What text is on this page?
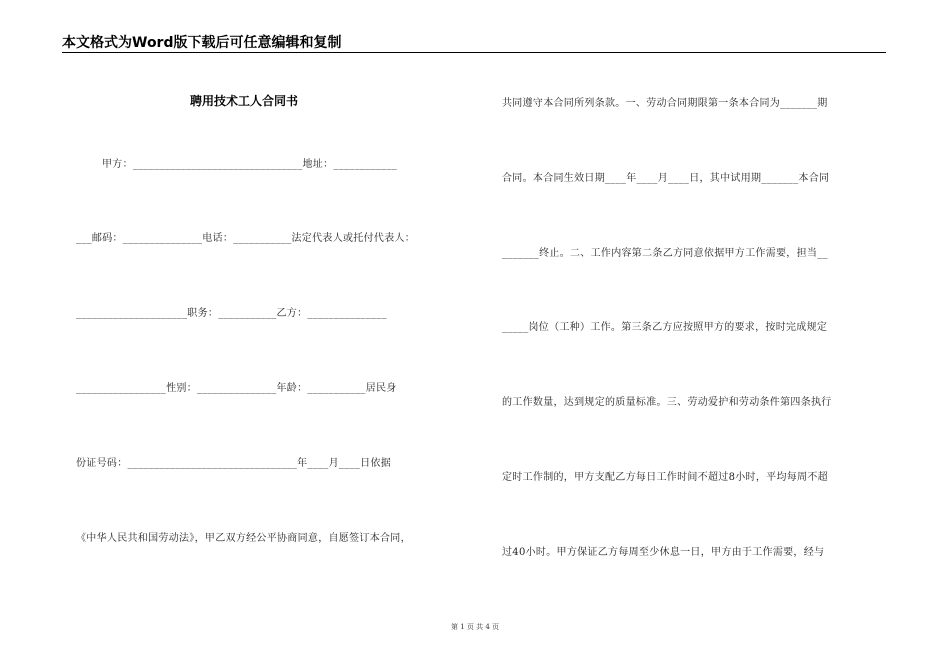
本文格式为Word版下载后可任意编辑和复制
聘用技术工人合同书
甲方：________________________________地址：____________
___邮码：_______________电话：___________法定代表人或托付代表人：
_____________________职务：___________乙方：_______________
_________________性别：_______________年龄：___________居民身
份证号码：________________________________年____月____日依据
《中华人民共和国劳动法》，甲乙双方经公平协商同意，自愿签订本合同，
共同遵守本合同所列条款。一、劳动合同期限第一条本合同为_______期
合同。本合同生效日期____年____月____日，其中试用期_______本合同
_______终止。二、工作内容第二条乙方同意依据甲方工作需要，担当__
_____岗位（工种）工作。第三条乙方应按照甲方的要求，按时完成规定
的工作数量，达到规定的质量标准。三、劳动爱护和劳动条件第四条执行
定时工作制的，甲方支配乙方每日工作时间不超过8小时，平均每周不超
过40小时。甲方保证乙方每周至少休息一日，甲方由于工作需要，经与
第 1 页 共 4 页
